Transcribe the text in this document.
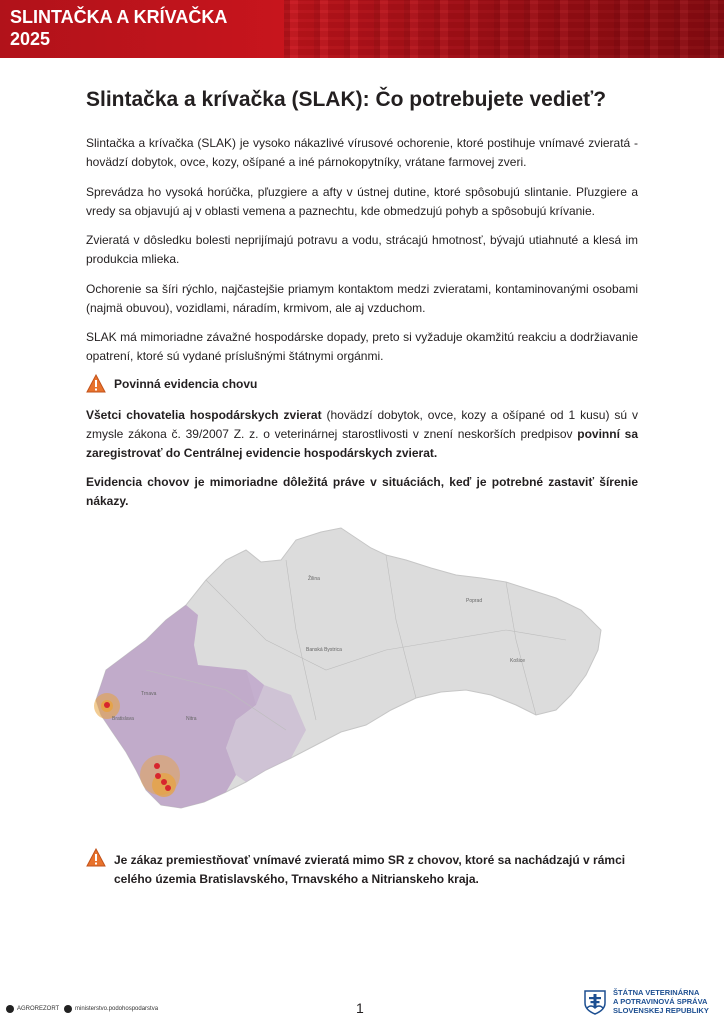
SLINTAČKA A KRÍVAČKA
2025
Slintačka a krívačka (SLAK): Čo potrebujete vedieť?

Slintačka a krívačka (SLAK) je vysoko nákazlivé vírusové ochorenie, ktoré postihuje vnímavé zvieratá - hovädzí dobytok, ovce, kozy, ošípané a iné párnokopytníky, vrátane farmovej zveri.

Sprevádza ho vysoká horúčka, pľuzgiere a afty v ústnej dutine, ktoré spôsobujú slintanie. Pľuzgiere a vredy sa objavujú aj v oblasti vemena a paznechtu, kde obmedzujú pohyb a spôsobujú krívanie.

Zvieratá v dôsledku bolesti neprijímajú potravu a vodu, strácajú hmotnosť, bývajú utiahnuté a klesá im produkcia mlieka.

Ochorenie sa šíri rýchlo, najčastejšie priamym kontaktom medzi zvieratami, kontaminovanými osobami (najmä obuvou), vozidlami, náradím, krmivom, ale aj vzduchom.

SLAK má mimoriadne závažné hospodárske dopady, preto si vyžaduje okamžitú reakciu a dodržiavanie opatrení, ktoré sú vydané príslušnými štátnymi orgánmi.

Povinná evidencia chovu

Všetci chovatelia hospodárskych zvierat (hovädzí dobytok, ovce, kozy a ošípané od 1 kusu) sú v zmysle zákona č. 39/2007 Z. z. o veterinárnej starostlivosti v znení neskorších predpisov povinní sa zaregistrovať do Centrálnej evidencie hospodárskych zvierat.

Evidencia chovov je mimoriadne dôležitá práve v situáciách, keď je potrebné zastaviť šírenie nákazy.

Žilina
Poprad
Košice
Banská Bystrica
Nitra
Trnava
Bratislava
Je zákaz premiestňovať vnímavé zvieratá mimo SR z chovov, ktoré sa nachádzajú v rámci celého územia Bratislavského, Trnavského a Nitrianskeho kraja.
AGROREZORT	ministerstvo.podohospodarstva	1
ŠTÁTNA VETERINÁRNA
A POTRAVINOVÁ SPRÁVA
SLOVENSKEJ REPUBLIKY
